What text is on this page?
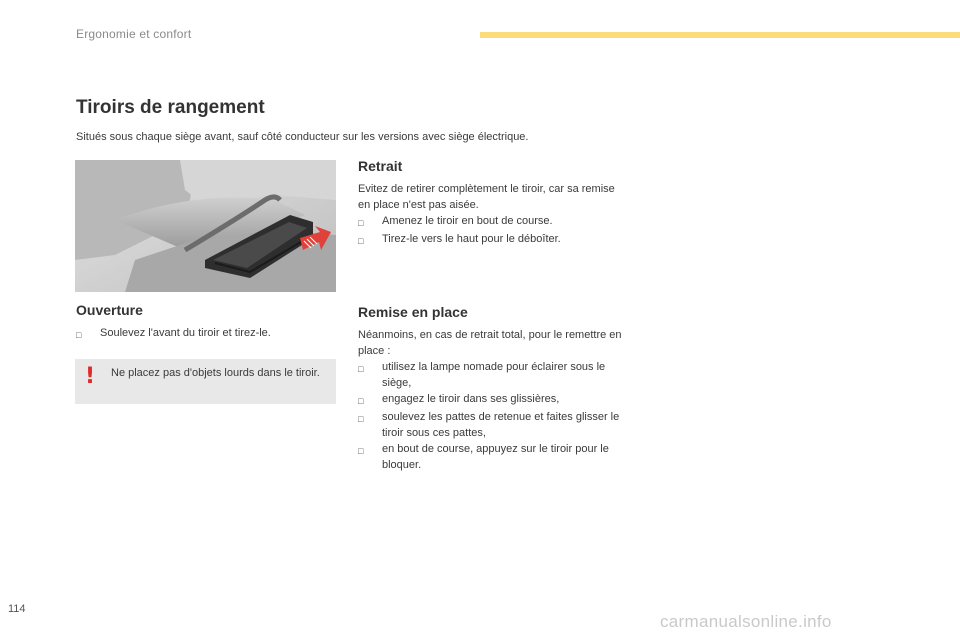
Ergonomie et confort
Tiroirs de rangement
Situés sous chaque siège avant, sauf côté conducteur sur les versions avec siège électrique.
Ouverture
□	Soulevez l'avant du tiroir et tirez-le.
! Ne placez pas d'objets lourds dans le tiroir.
Retrait
Evitez de retirer complètement le tiroir, car sa remise en place n'est pas aisée.
□	Amenez le tiroir en bout de course.
□	Tirez-le vers le haut pour le déboîter.
Remise en place
Néanmoins, en cas de retrait total, pour le remettre en place :
□	utilisez la lampe nomade pour éclairer sous le siège,
□	engagez le tiroir dans ses glissières,
□	soulevez les pattes de retenue et faites glisser le tiroir sous ces pattes,
□	en bout de course, appuyez sur le tiroir pour le bloquer.
114
carmanualsonline.info
